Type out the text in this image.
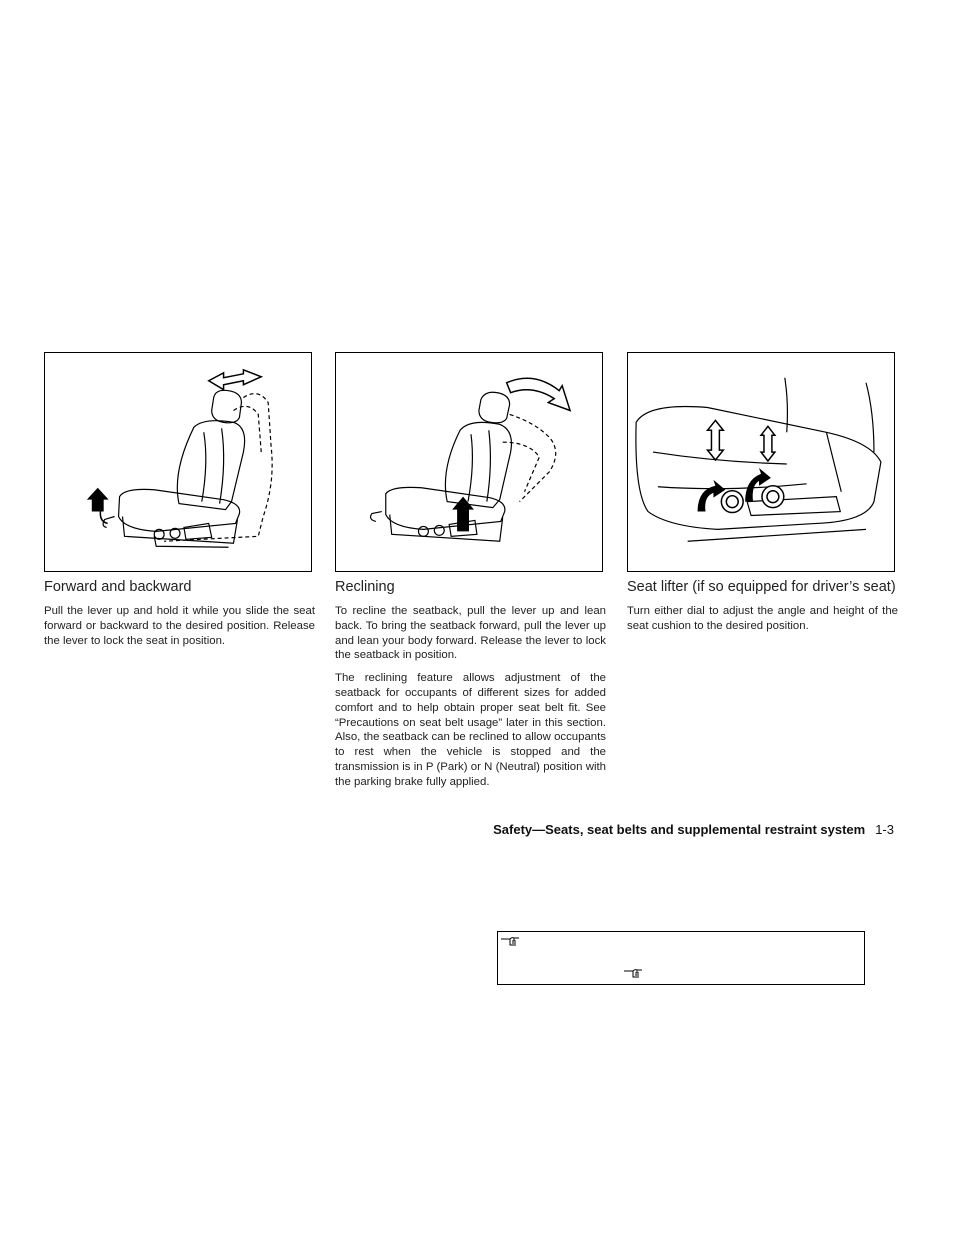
Forward and backward

Pull the lever up and hold it while you slide the seat forward or backward to the desired position. Release the lever to lock the seat in position.

Reclining

To recline the seatback, pull the lever up and lean back. To bring the seatback forward, pull the lever up and lean your body forward. Release the lever to lock the seatback in position.

The reclining feature allows adjustment of the seatback for occupants of different sizes for added comfort and to help obtain proper seat belt fit. See “Precautions on seat belt usage” later in this section. Also, the seatback can be reclined to allow occupants to rest when the vehicle is stopped and the transmission is in P (Park) or N (Neutral) position with the parking brake fully applied.

Seat lifter (if so equipped for driver’s seat)

Turn either dial to adjust the angle and height of the seat cushion to the desired position.

Safety—Seats, seat belts and supplemental restraint system 1-3
